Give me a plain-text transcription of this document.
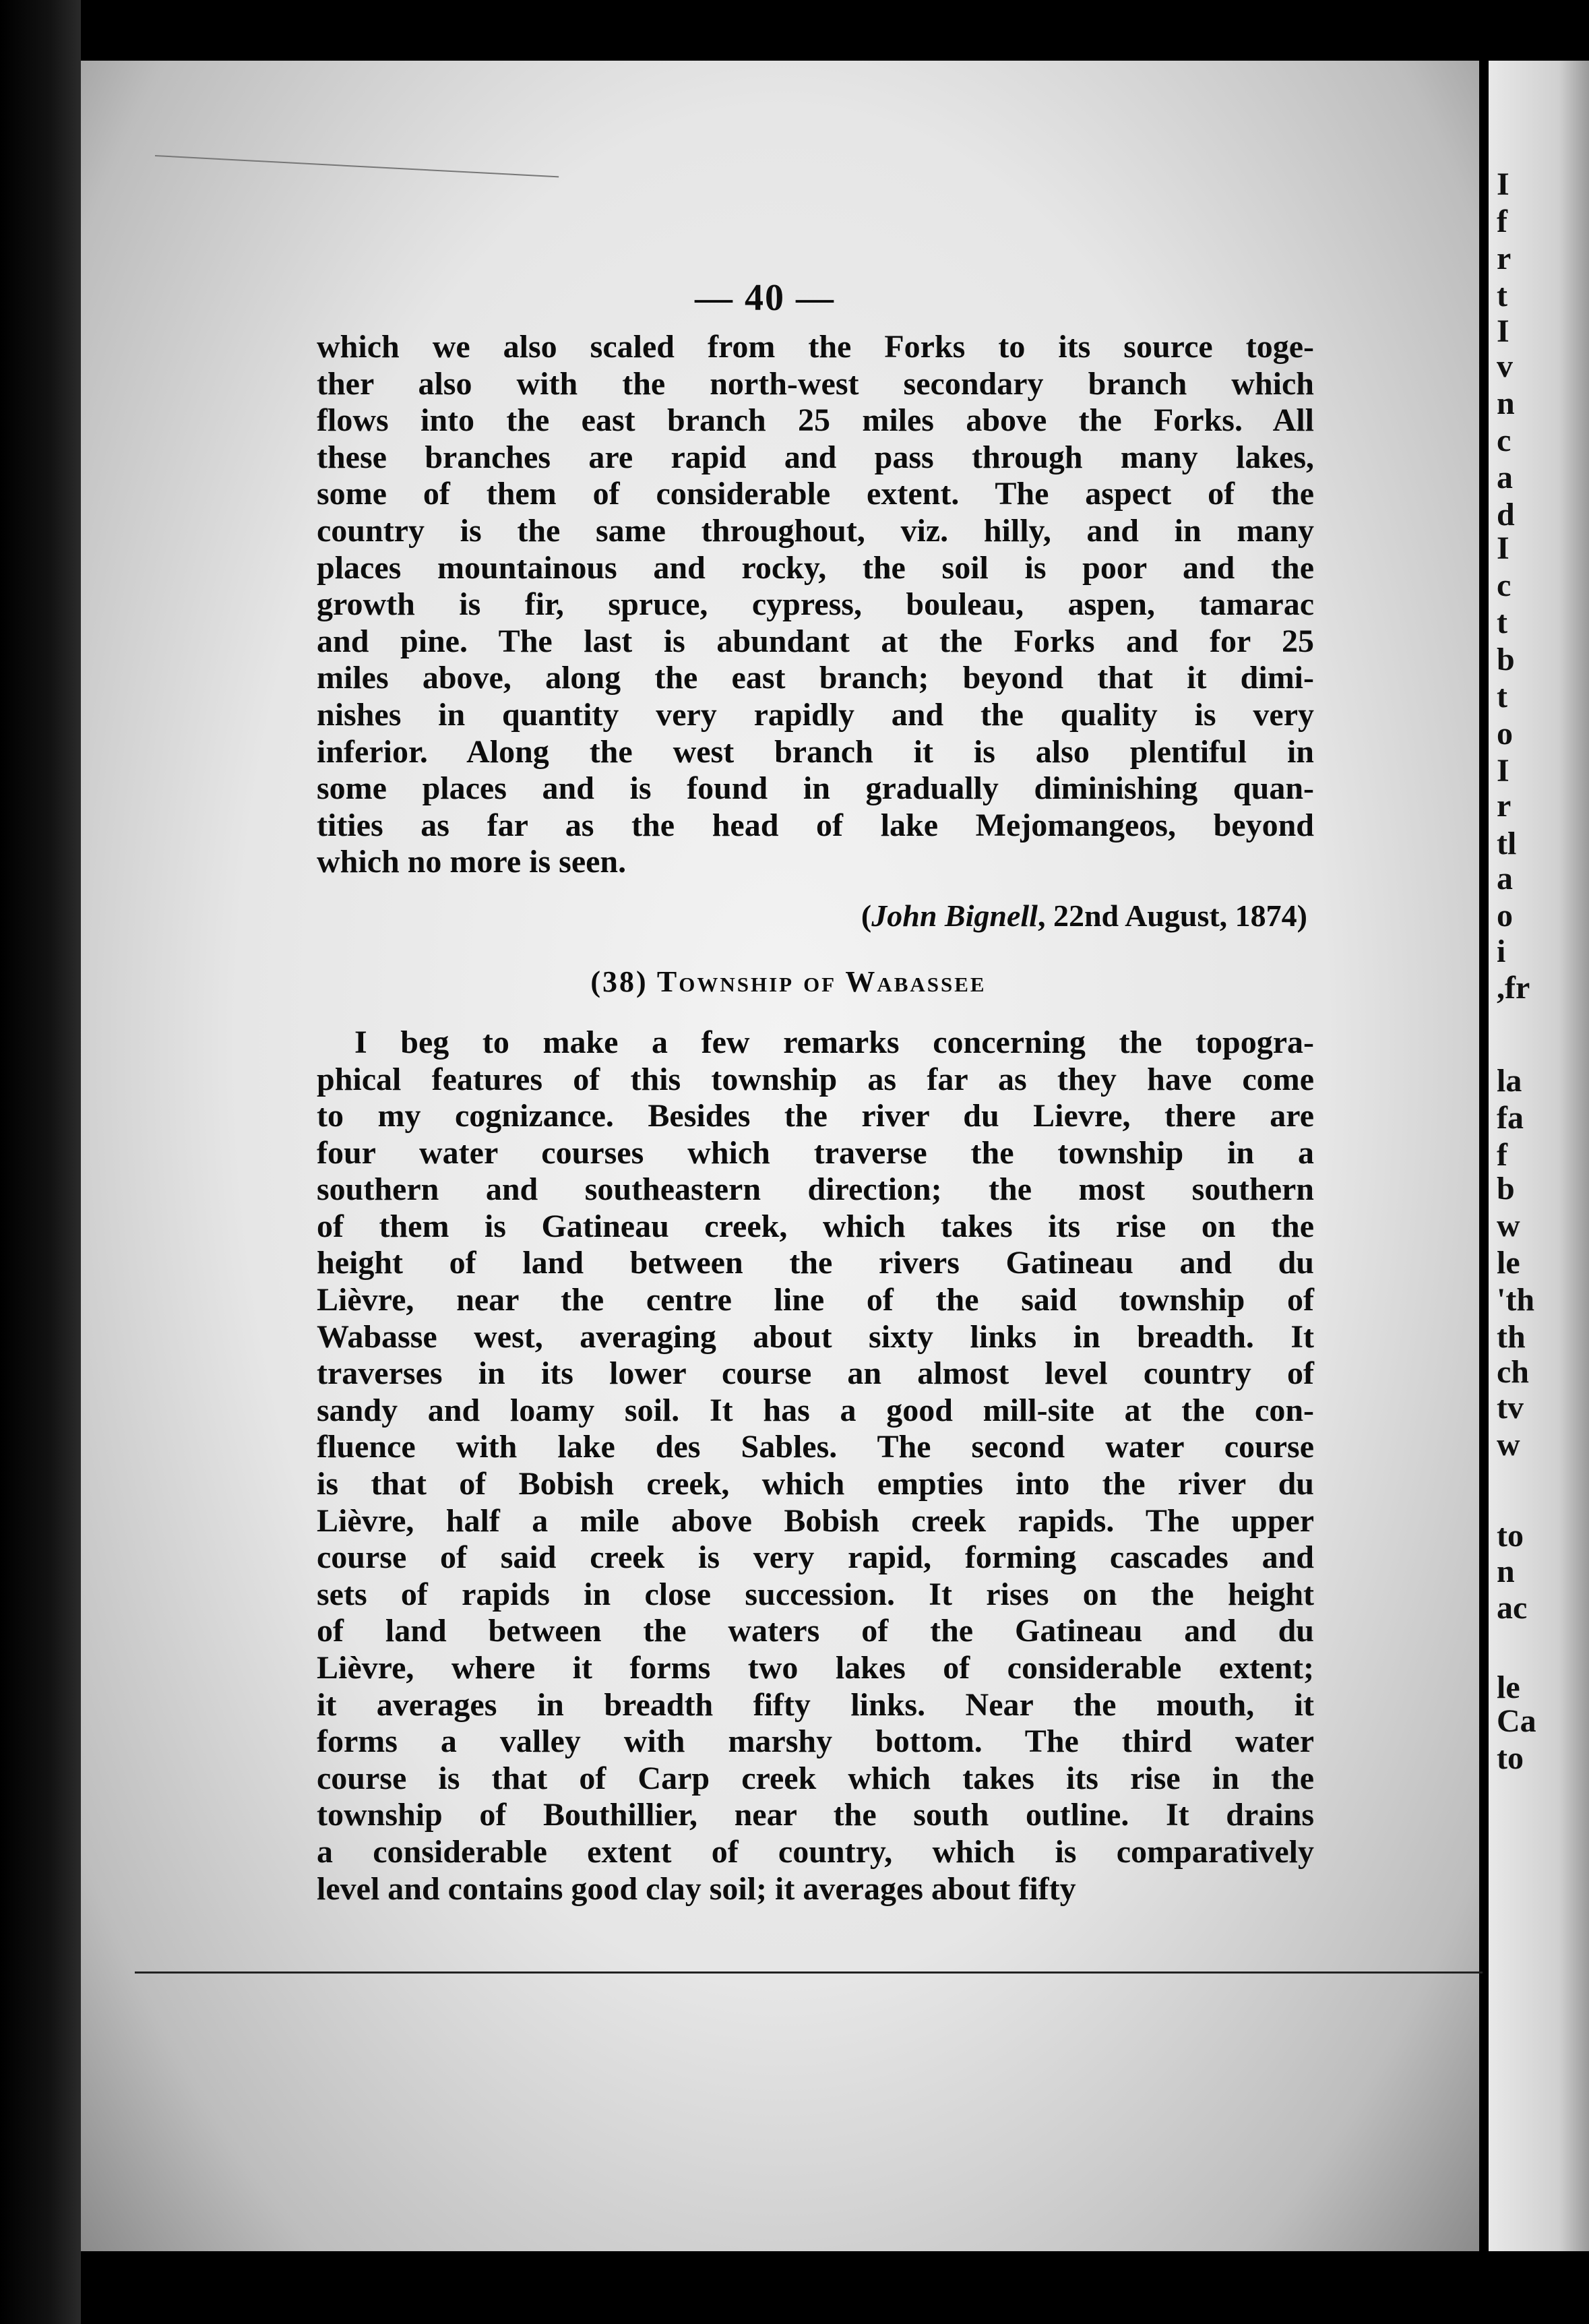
I
f
r
t
I
v
n
c
a
d
I
c
t
b
t
o
I
r
tl
a
o
i
,fr
la
fa
f
b
w
le
'th
th
ch
tv
w
to
n
ac
le
Ca
to
— 40 —
which we also scaled from the Forks to its source toge-
ther also with the north-west secondary branch which
flows into the east branch 25 miles above the Forks. All
these branches are rapid and pass through many lakes,
some of them of considerable extent. The aspect of the
country is the same throughout, viz. hilly, and in many
places mountainous and rocky, the soil is poor and the
growth is fir, spruce, cypress, bouleau, aspen, tamarac
and pine. The last is abundant at the Forks and for 25
miles above, along the east branch; beyond that it dimi-
nishes in quantity very rapidly and the quality is very
inferior. Along the west branch it is also plentiful in
some places and is found in gradually diminishing quan-
tities as far as the head of lake Mejomangeos, beyond
which no more is seen.
(John Bignell, 22nd August, 1874)
(38) Township of Wabassee
I beg to make a few remarks concerning the topogra-
phical features of this township as far as they have come
to my cognizance. Besides the river du Lievre, there are
four water courses which traverse the township in a
southern and southeastern direction; the most southern
of them is Gatineau creek, which takes its rise on the
height of land between the rivers Gatineau and du
Lièvre, near the centre line of the said township of
Wabasse west, averaging about sixty links in breadth. It
traverses in its lower course an almost level country of
sandy and loamy soil. It has a good mill-site at the con-
fluence with lake des Sables. The second water course
is that of Bobish creek, which empties into the river du
Lièvre, half a mile above Bobish creek rapids. The upper
course of said creek is very rapid, forming cascades and
sets of rapids in close succession. It rises on the height
of land between the waters of the Gatineau and du
Lièvre, where it forms two lakes of considerable extent;
it averages in breadth fifty links. Near the mouth, it
forms a valley with marshy bottom. The third water
course is that of Carp creek which takes its rise in the
township of Bouthillier, near the south outline. It drains
a considerable extent of country, which is comparatively
level and contains good clay soil; it averages about fifty
